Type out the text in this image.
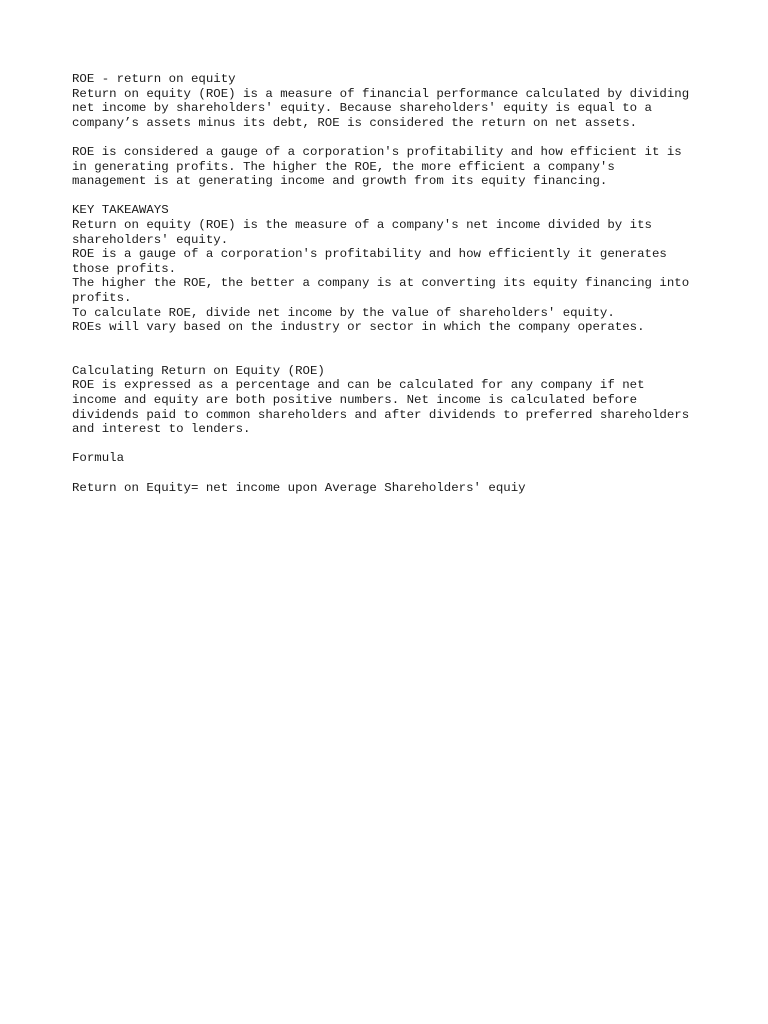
ROE - return on equity
Return on equity (ROE) is a measure of financial performance calculated by dividing
net income by shareholders' equity. Because shareholders' equity is equal to a
company’s assets minus its debt, ROE is considered the return on net assets.
ROE is considered a gauge of a corporation's profitability and how efficient it is
in generating profits. The higher the ROE, the more efficient a company's
management is at generating income and growth from its equity financing.
KEY TAKEAWAYS
Return on equity (ROE) is the measure of a company's net income divided by its
shareholders' equity.
ROE is a gauge of a corporation's profitability and how efficiently it generates
those profits.
The higher the ROE, the better a company is at converting its equity financing into
profits.
To calculate ROE, divide net income by the value of shareholders' equity.
ROEs will vary based on the industry or sector in which the company operates.
Calculating Return on Equity (ROE)
ROE is expressed as a percentage and can be calculated for any company if net
income and equity are both positive numbers. Net income is calculated before
dividends paid to common shareholders and after dividends to preferred shareholders
and interest to lenders.
Formula
Return on Equity= net income upon Average Shareholders' equiy
